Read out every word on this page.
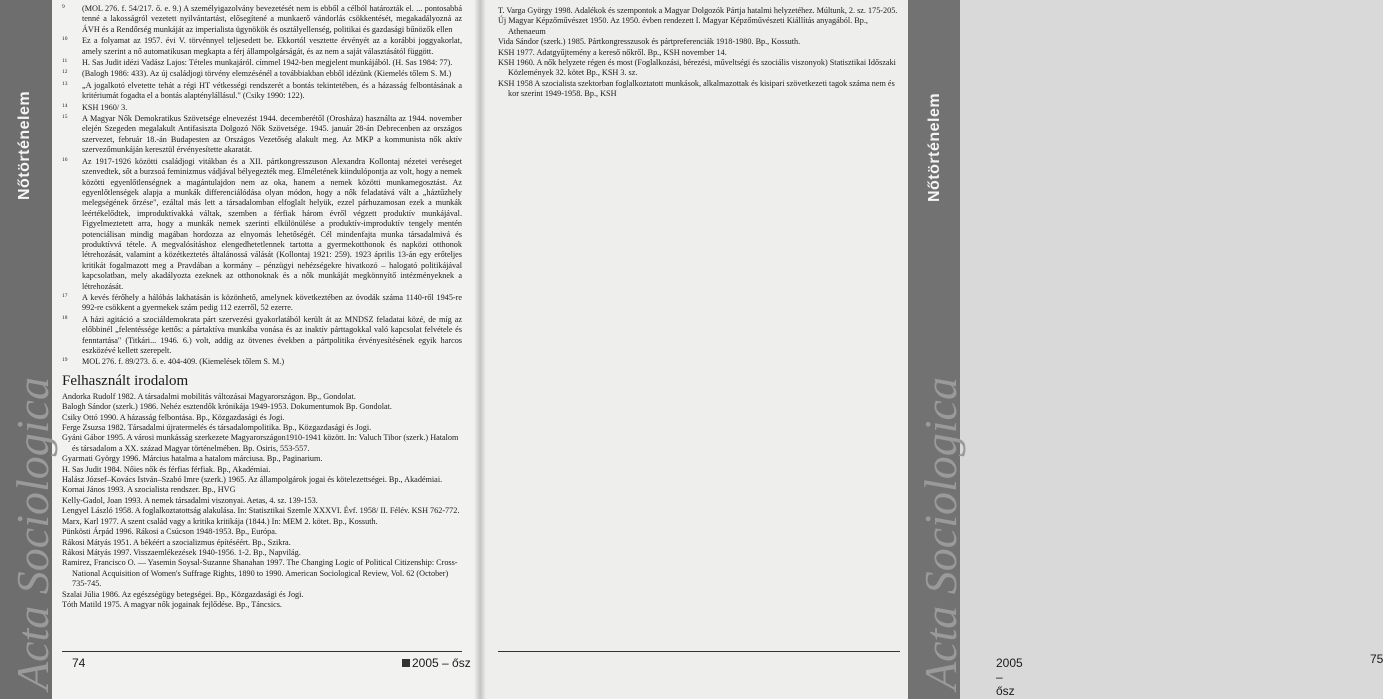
Nőtörténelem
Acta Sociologica

9 (MOL 276. f. 54/217. ő. e. 9.) A személyigazolvány bevezetését nem is ebből a célból határozták el. ... pontosabbá tenné a lakosságról vezetett nyilvántartást, elősegítené a munkaerő vándorlás csökkentését, megakadályozná az ÁVH és a Rendőrség munkáját az imperialista ügynökök és osztályellenség, politikai és gazdasági bűnözők ellen

10 Ez a folyamat az 1957. évi V. törvénnyel teljesedett be. Ekkortól vesztette érvényét az a korábbi joggyakorlat, amely szerint a nő automatikusan megkapta a férj állampolgárságát, és az nem a saját választásától függött.

11 H. Sas Judit idézi Vadász Lajos: Tételes munkajáról. címmel 1942-ben megjelent munkájából. (H. Sas 1984: 77).

12 (Balogh 1986: 433). Az új családjogi törvény elemzésénél a továbbiakban ebből idézünk (Kiemelés tőlem S. M.)

13 „A jogalkotó elvetette tehát a régi HT vétkességi rendszerét a bontás tekintetében, és a házasság felbontásának a kritériumát fogadta el a bontás alapténylállásul." (Csiky 1990: 122).

14 KSH 1960/ 3.

15 A Magyar Nők Demokratikus Szövetsége elnevezést 1944. decemberétől (Orosháza) használta az 1944. november elején Szegeden megalakult Antifasiszta Dolgozó Nők Szövetsége. 1945. január 28-án Debrecenben az országos szervezet, február 18.-án Budapesten az Országos Vezetőség alakult meg. Az MKP a kommunista nők aktív szervezőmunkáján keresztül érvényesítette akaratát.

16 Az 1917-1926 közötti családjogi vitákban és a XII. pártkongresszuson Alexandra Kollontaj nézetei veréseget szenvedtek, sőt a burzsoá feminizmus vádjával bélyegezték meg. Elméletének kiindulópontja az volt, hogy a nemek közötti egyenlőtlenségnek a magántulajdon nem az oka, hanem a nemek közötti munkamegosztást. Az egyenlőtlenségek alapja a munkák differenciálódása olyan módon, hogy a nők feladatává vált a „háztűzhely melegségének őrzése", ezáltal más lett a társadalomban elfoglalt helyük, ezzel párhuzamosan ezek a munkák leértékelődtek, improduktívakká váltak, szemben a férfiak három évről végzett produktív munkájával. Figyelmeztetett arra, hogy a munkák nemek szerinti elkülönülése a produktív-improduktív tengely mentén potenciálisan mindig magában hordozza az elnyomás lehetőségét. Cél mindenfajta munka társadalmivá és produktívvá tétele. A megvalósításhoz elengedhetetlennek tartotta a gyermekotthonok és napközi otthonok létrehozását, valamint a közétkeztetés általánossá válását (Kollontaj 1921: 259). 1923 április 13-án egy erőteljes kritikát fogalmazott meg a Pravdában a kormány – pénzügyi nehézségekre hivatkozó – halogató politikájával kapcsolatban, mely akadályozta ezeknek az otthonoknak és a nők munkáját megkönnyítő intézményeknek a létrehozását.

17 A kevés férőhely a hálóbás lakhatásán is közönhető, amelynek következtében az óvodák száma 1140-ről 1945-re 992-re csökkent a gyermekek szám pedig 112 ezerről, 52 ezerre.

18 A házi agitáció a szociáldemokrata párt szervezési gyakorlatából került át az MNDSZ feladatai közé, de míg az előbbinél „felentéssége kettős: a pártaktíva munkába vonása és az inaktív párttagokkal való kapcsolat felvétele és fenntartása" (Titkári... 1946. 6.) volt, addig az ötvenes években a pártpolitika érvényesítésének egyik harcos eszközévé kellett szerepelt.

19 MOL 276. f. 89/273. ő. e. 404-409. (Kiemelések tőlem S. M.)

Felhasznált irodalom

Andorka Rudolf 1982. A társadalmi mobilitás változásai Magyarországon. Bp., Gondolat.

Balogh Sándor (szerk.) 1986. Nehéz esztendők krónikája 1949-1953. Dokumentumok Bp. Gondolat.

Csiky Ottó 1990. A házasság felbontása. Bp., Közgazdasági és Jogi.

Ferge Zsuzsa 1982. Társadalmi újratermelés és társadalompolitika. Bp., Közgazdasági és Jogi.

Gyáni Gábor 1995. A városi munkásság szerkezete Magyarországon1910-1941 között. In: Valuch Tibor (szerk.) Hatalom és társadalom a XX. század Magyar történelmében. Bp. Osiris, 553-557.

Gyarmati György 1996. Március hatalma a hatalom márciusa. Bp., Paginarium.

H. Sas Judit 1984. Nőies nők és férfias férfiak. Bp., Akadémiai.

Halász József–Kovács István–Szabó Imre (szerk.) 1965. Az állampolgárok jogai és kötelezettségei. Bp., Akadémiai.

Kornai János 1993. A szocialista rendszer. Bp., HVG

Kelly-Gadol, Joan 1993. A nemek társadalmi viszonyai. Aetas, 4. sz. 139-153.

Lengyel László 1958. A foglalkoztatottság alakulása. In: Statisztikai Szemle XXXVI. Évf. 1958/ II. Félév. KSH 762-772.

Marx, Karl 1977. A szent család vagy a kritika kritikája (1844.) In: MEM 2. kötet. Bp., Kossuth.

Pünkösti Árpád 1996. Rákosi a Csúcson 1948-1953. Bp., Európa.

Rákosi Mátyás 1951. A békéért a szocializmus építéséért. Bp., Szikra.

Rákosi Mátyás 1997. Visszaemlékezések 1940-1956. 1-2. Bp., Napvilág.

Ramirez, Francisco O. — Yasemin Soysal-Suzanne Shanahan 1997. The Changing Logic of Political Citizenship: Cross-National Acquisition of Women's Suffrage Rights, 1890 to 1990. American Sociological Review, Vol. 62 (October) 735-745.

Szalai Júlia 1986. Az egészségügy betegségei. Bp., Közgazdasági és Jogi.

Tóth Matild 1975. A magyar nők jogainak fejlődése. Bp., Táncsics.

74	2005 – ősz

T. Varga György 1998. Adalékok és szempontok a Magyar Dolgozók Pártja hatalmi helyzetéhez. Múltunk, 2. sz. 175-205.

Új Magyar Képzőművészet 1950. Az 1950. évben rendezett I. Magyar Képzőművészeti Kiállítás anyagából. Bp., Athenaeum

Vida Sándor (szerk.) 1985. Pártkongresszusok és pártpreferenciák 1918-1980. Bp., Kossuth.

KSH 1977. Adatgyűjtemény a kereső nőkről. Bp., KSH november 14.

KSH 1960. A nők helyzete régen és most (Foglalkozási, bérezési, műveltségi és szociális viszonyok) Statisztikai Időszaki Közlemények 32. kötet Bp., KSH 3. sz.

KSH 1958 A szocialista szektorban foglalkoztatott munkások, alkalmazottak és kisipari szövetkezeti tagok száma nem és kor szerint 1949-1958. Bp., KSH	Nőtörténelem
Acta Sociologica	2005 – ősz
75
